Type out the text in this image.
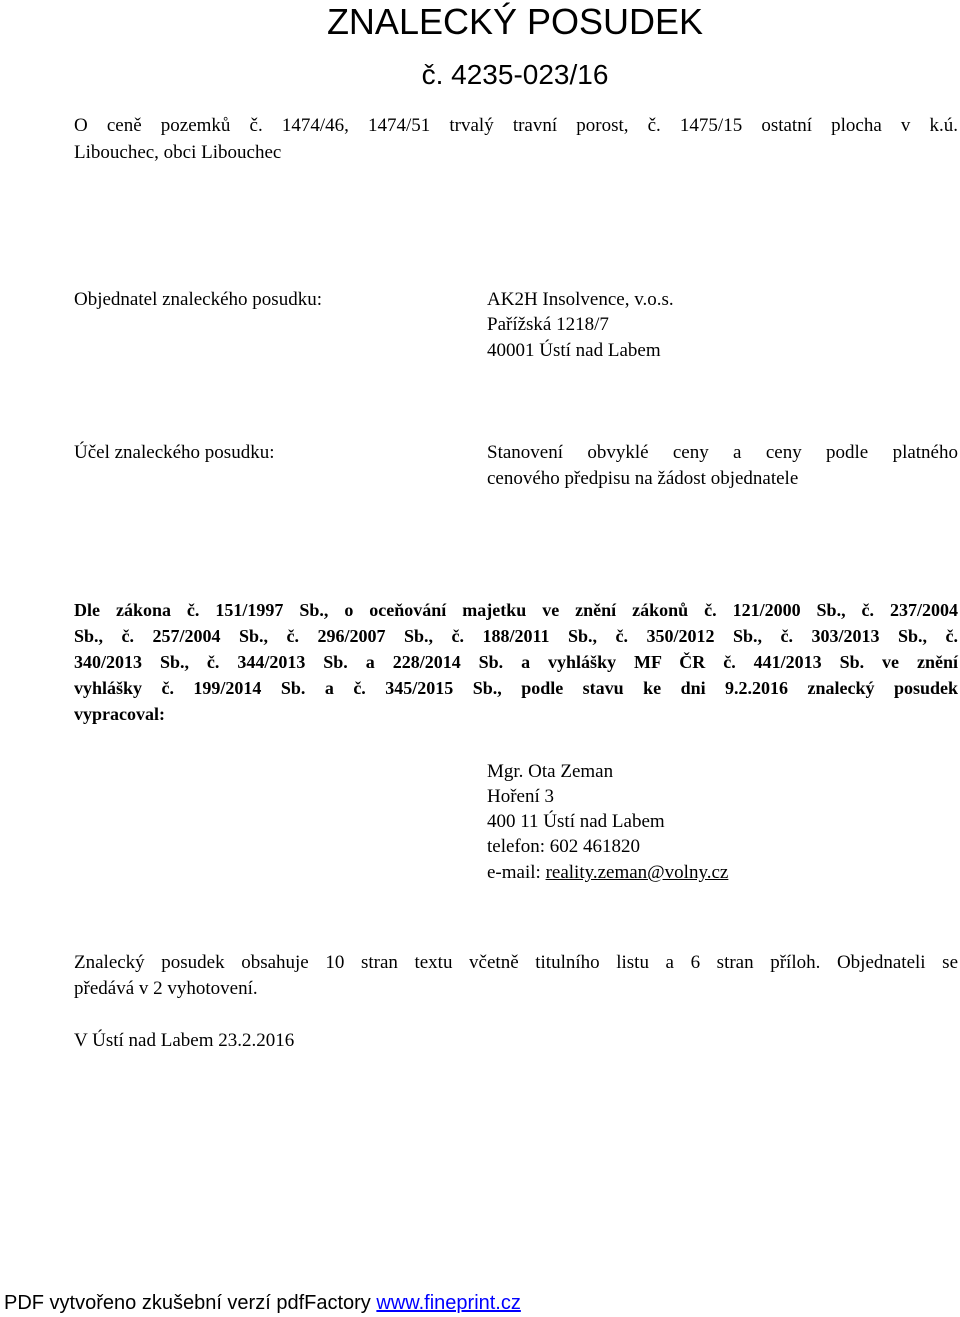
ZNALECKÝ POSUDEK
č. 4235-023/16
O ceně pozemků č. 1474/46, 1474/51 trvalý travní porost, č. 1475/15 ostatní plocha v k.ú.
Libouchec, obci Libouchec
Objednatel znaleckého posudku:	AK2H Insolvence, v.o.s.
Pařížská 1218/7
40001 Ústí nad Labem
Účel znaleckého posudku:	Stanovení obvyklé ceny a ceny podle platného
cenového předpisu na žádost objednatele
Dle zákona č. 151/1997 Sb., o oceňování majetku ve znění zákonů č. 121/2000 Sb., č. 237/2004
Sb., č. 257/2004 Sb., č. 296/2007 Sb., č. 188/2011 Sb., č. 350/2012 Sb., č. 303/2013 Sb., č.
340/2013 Sb., č. 344/2013 Sb. a 228/2014 Sb. a vyhlášky MF ČR č. 441/2013 Sb. ve znění
vyhlášky č. 199/2014 Sb. a č. 345/2015 Sb., podle stavu ke dni 9.2.2016 znalecký posudek
vypracoval:
Mgr. Ota Zeman
Hoření 3
400 11 Ústí nad Labem
telefon: 602 461820
e-mail: reality.zeman@volny.cz
Znalecký posudek obsahuje 10 stran textu včetně titulního listu a 6 stran příloh. Objednateli se
předává v 2 vyhotovení.
V Ústí nad Labem 23.2.2016
PDF vytvořeno zkušební verzí pdfFactory www.fineprint.cz
